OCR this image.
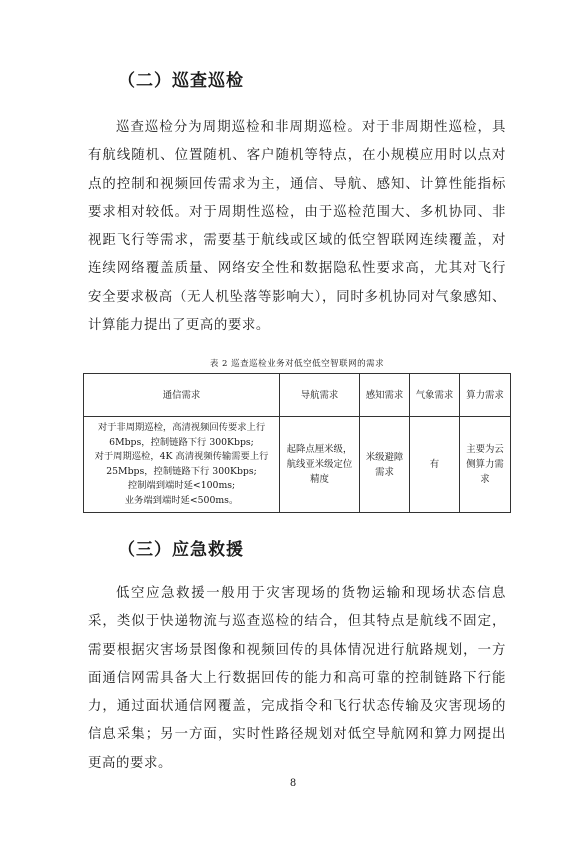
（二）巡查巡检

巡查巡检分为周期巡检和非周期巡检。对于非周期性巡检，具有航线随机、位置随机、客户随机等特点，在小规模应用时以点对点的控制和视频回传需求为主，通信、导航、感知、计算性能指标要求相对较低。对于周期性巡检，由于巡检范围大、多机协同、非视距飞行等需求，需要基于航线或区域的低空智联网连续覆盖，对连续网络覆盖质量、网络安全性和数据隐私性要求高，尤其对飞行安全要求极高（无人机坠落等影响大），同时多机协同对气象感知、计算能力提出了更高的要求。

表 2 巡查巡检业务对低空低空智联网的需求

通信需求	导航需求	感知需求	气象需求	算力需求

对于非周期巡检，高清视频回传要求上行 6Mbps，控制链路下行 300Kbps;
对于周期巡检，4K 高清视频传输需要上行 25Mbps，控制链路下行 300Kbps;
控制端到端时延<100ms;
业务端到端时延<500ms。	起降点厘米级，航线亚米级定位精度	米级避障需求	有	主要为云侧算力需求
（三）应急救援

低空应急救援一般用于灾害现场的货物运输和现场状态信息采，类似于快递物流与巡查巡检的结合，但其特点是航线不固定，需要根据灾害场景图像和视频回传的具体情况进行航路规划，一方面通信网需具备大上行数据回传的能力和高可靠的控制链路下行能力，通过面状通信网覆盖，完成指令和飞行状态传输及灾害现场的信息采集；另一方面，实时性路径规划对低空导航网和算力网提出更高的要求。

8
